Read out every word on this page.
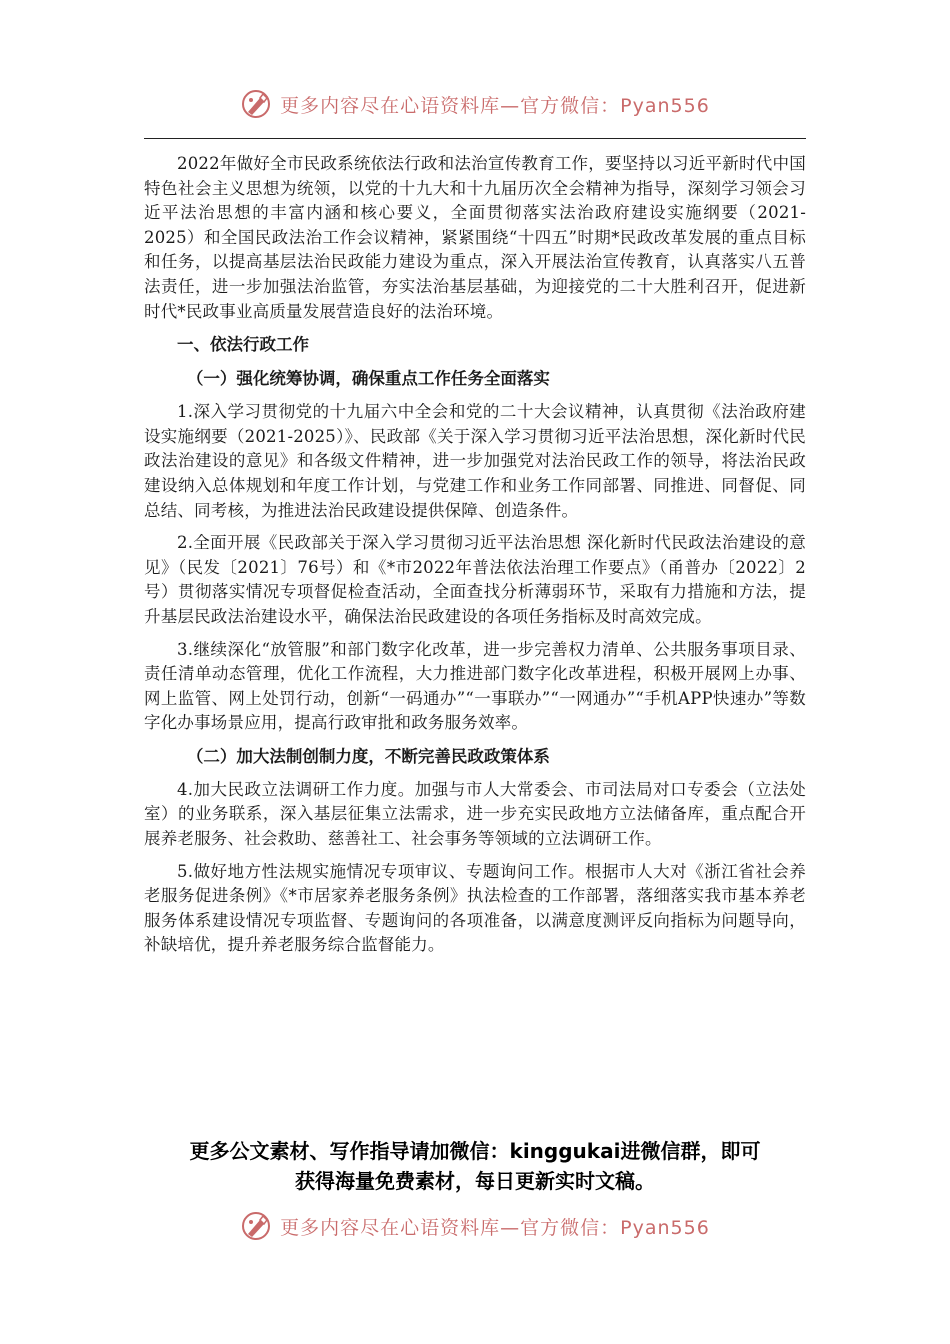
更多内容尽在心语资料库—官方微信：Pyan556

2022年做好全市民政系统依法行政和法治宣传教育工作，要坚持以习近平新时代中国特色社会主义思想为统领，以党的十九大和十九届历次全会精神为指导，深刻学习领会习近平法治思想的丰富内涵和核心要义，全面贯彻落实法治政府建设实施纲要（2021-2025）和全国民政法治工作会议精神，紧紧围绕“十四五”时期*民政改革发展的重点目标和任务，以提高基层法治民政能力建设为重点，深入开展法治宣传教育，认真落实八五普法责任，进一步加强法治监管，夯实法治基层基础，为迎接党的二十大胜利召开，促进新时代*民政事业高质量发展营造良好的法治环境。

一、依法行政工作

（一）强化统筹协调，确保重点工作任务全面落实

1.深入学习贯彻党的十九届六中全会和党的二十大会议精神，认真贯彻《法治政府建设实施纲要（2021-2025）》、民政部《关于深入学习贯彻习近平法治思想，深化新时代民政法治建设的意见》和各级文件精神，进一步加强党对法治民政工作的领导，将法治民政建设纳入总体规划和年度工作计划，与党建工作和业务工作同部署、同推进、同督促、同总结、同考核，为推进法治民政建设提供保障、创造条件。

2.全面开展《民政部关于深入学习贯彻习近平法治思想 深化新时代民政法治建设的意见》（民发〔2021〕76号）和《*市2022年普法依法治理工作要点》（甬普办〔2022〕2号）贯彻落实情况专项督促检查活动，全面查找分析薄弱环节，采取有力措施和方法，提升基层民政法治建设水平，确保法治民政建设的各项任务指标及时高效完成。

3.继续深化“放管服”和部门数字化改革，进一步完善权力清单、公共服务事项目录、责任清单动态管理，优化工作流程，大力推进部门数字化改革进程，积极开展网上办事、网上监管、网上处罚行动，创新“一码通办”“一事联办”“一网通办”“手机APP快速办”等数字化办事场景应用，提高行政审批和政务服务效率。

（二）加大法制创制力度，不断完善民政政策体系

4.加大民政立法调研工作力度。加强与市人大常委会、市司法局对口专委会（立法处室）的业务联系，深入基层征集立法需求，进一步充实民政地方立法储备库，重点配合开展养老服务、社会救助、慈善社工、社会事务等领域的立法调研工作。

5.做好地方性法规实施情况专项审议、专题询问工作。根据市人大对《浙江省社会养老服务促进条例》《*市居家养老服务条例》执法检查的工作部署，落细落实我市基本养老服务体系建设情况专项监督、专题询问的各项准备，以满意度测评反向指标为问题导向，补缺培优，提升养老服务综合监督能力。

更多公文素材、写作指导请加微信：kinggukai进微信群，即可
获得海量免费素材，每日更新实时文稿。
更多内容尽在心语资料库—官方微信：Pyan556
